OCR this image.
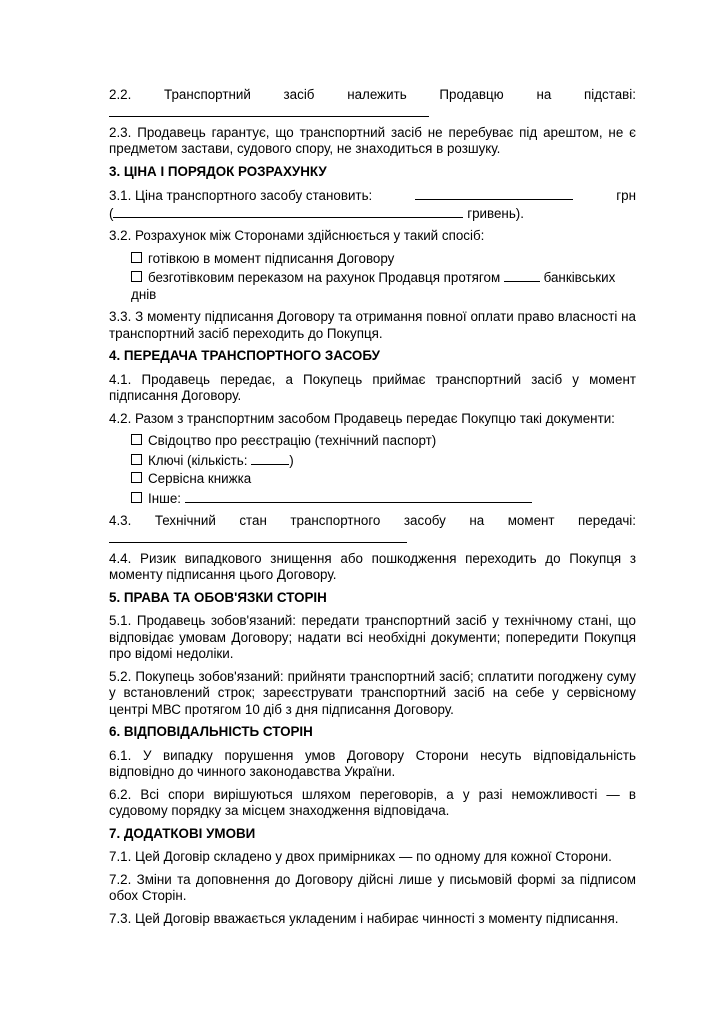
2.2. Транспортний засіб належить Продавцю на підставі:

2.3. Продавець гарантує, що транспортний засіб не перебуває під арештом, не є предметом застави, судового спору, не знаходиться в розшуку.

3. ЦІНА І ПОРЯДОК РОЗРАХУНКУ
3.1. Ціна транспортного засобу становить:	грн
(	гривень).

3.2. Розрахунок між Сторонами здійснюється у такий спосіб:

готівкою в момент підписання Договору
безготівковим переказом на рахунок Продавця протягом	банківських днів

3.3. З моменту підписання Договору та отримання повної оплати право власності на транспортний засіб переходить до Покупця.

4. ПЕРЕДАЧА ТРАНСПОРТНОГО ЗАСОБУ

4.1. Продавець передає, а Покупець приймає транспортний засіб у момент підписання Договору.

4.2. Разом з транспортним засобом Продавець передає Покупцю такі документи:

Свідоцтво про реєстрацію (технічний паспорт)
Ключі (кількість:	)
Сервісна книжка
Інше:

4.3. Технічний стан транспортного засобу на момент передачі:

4.4. Ризик випадкового знищення або пошкодження переходить до Покупця з моменту підписання цього Договору.

5. ПРАВА ТА ОБОВ'ЯЗКИ СТОРІН

5.1. Продавець зобов'язаний: передати транспортний засіб у технічному стані, що відповідає умовам Договору; надати всі необхідні документи; попередити Покупця про відомі недоліки.

5.2. Покупець зобов'язаний: прийняти транспортний засіб; сплатити погоджену суму у встановлений строк; зареєструвати транспортний засіб на себе у сервісному центрі МВС протягом 10 діб з дня підписання Договору.

6. ВІДПОВІДАЛЬНІСТЬ СТОРІН

6.1. У випадку порушення умов Договору Сторони несуть відповідальність відповідно до чинного законодавства України.

6.2. Всі спори вирішуються шляхом переговорів, а у разі неможливості — в судовому порядку за місцем знаходження відповідача.

7. ДОДАТКОВІ УМОВИ

7.1. Цей Договір складено у двох примірниках — по одному для кожної Сторони.

7.2. Зміни та доповнення до Договору дійсні лише у письмовій формі за підписом обох Сторін.

7.3. Цей Договір вважається укладеним і набирає чинності з моменту підписання.
